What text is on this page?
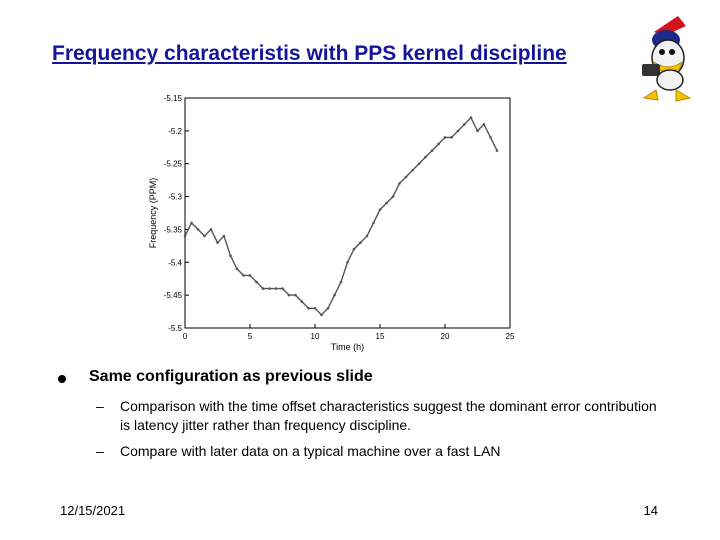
Frequency characteristis with PPS kernel discipline
0	5	10	15	20	25
-5.15
-5.2
-5.25
-5.3
-5.35
-5.4
-5.45
-5.5
Time (h)
Frequency (PPM)
Same configuration as previous slide
– Comparison with the time offset characteristics suggest the dominant error contribution is latency jitter rather than frequency discipline.
– Compare with later data on a typical machine over a fast LAN
12/15/2021	14
